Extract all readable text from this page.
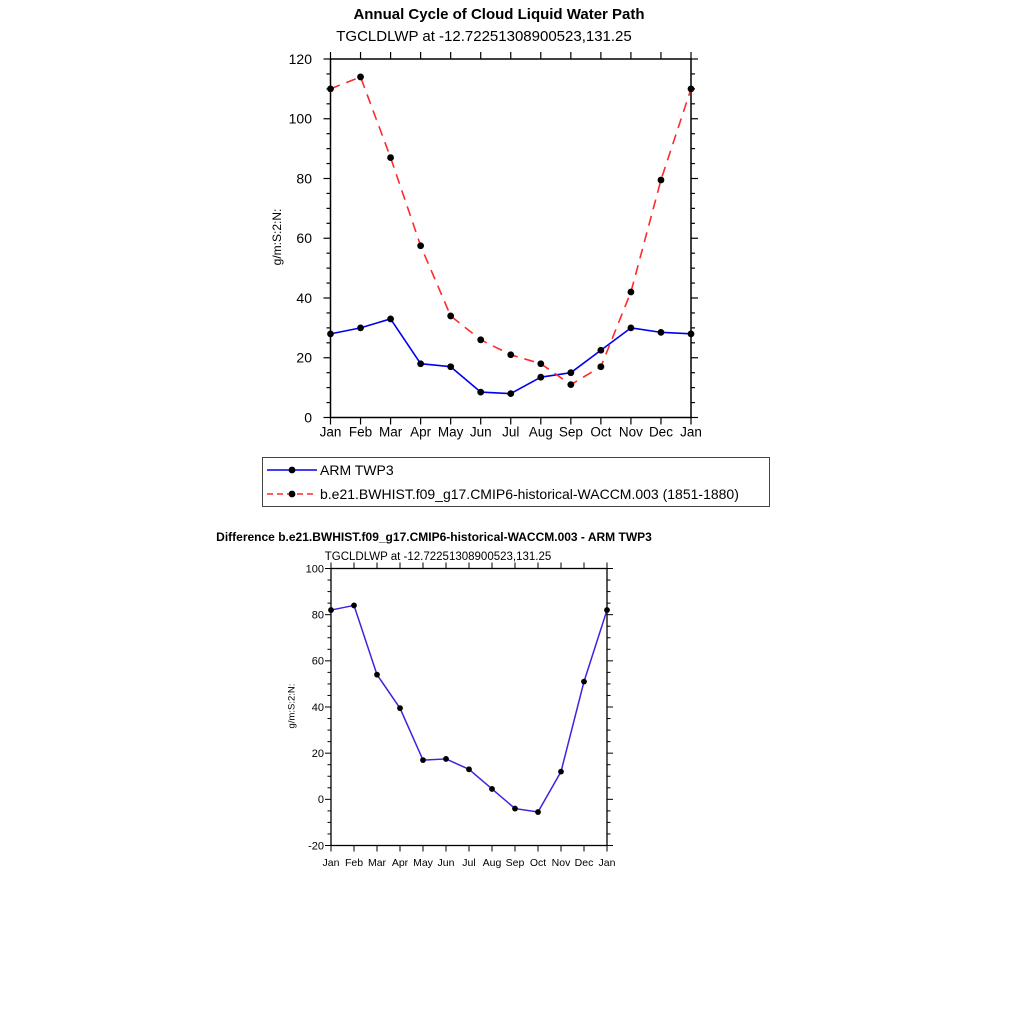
0
20
40
60
80
100
120
Jan Feb Mar Apr May Jun Jul Aug Sep Oct Nov Dec Jan
-20
0
20
40
60
80
100
Jan Feb Mar Apr May Jun Jul Aug Sep Oct Nov Dec Jan
Annual Cycle of Cloud Liquid Water Path
TGCLDLWP at -12.72251308900523,131.25
g/m:S:2:N:
ARM TWP3
b.e21.BWHIST.f09_g17.CMIP6-historical-WACCM.003 (1851-1880)
Difference b.e21.BWHIST.f09_g17.CMIP6-historical-WACCM.003 - ARM TWP3
TGCLDLWP at -12.72251308900523,131.25
g/m:S:2:N:
